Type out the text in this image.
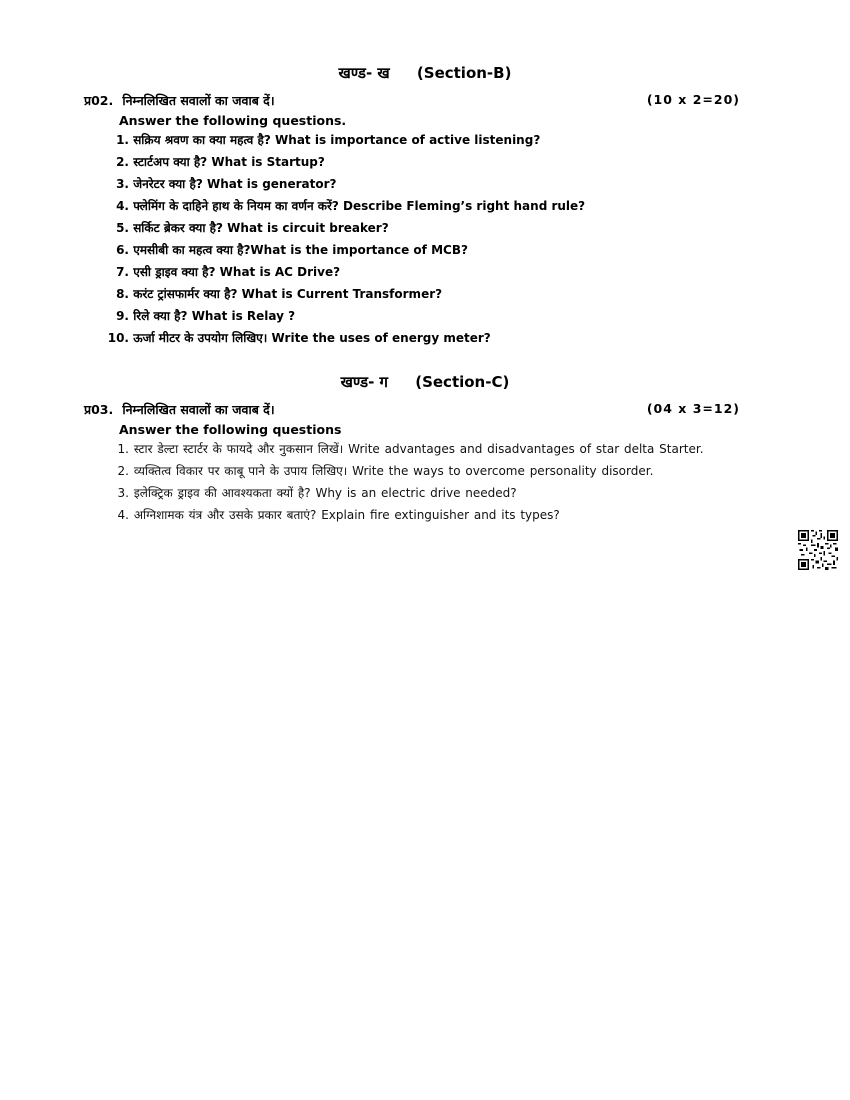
खण्ड- ख (Section-B)
प्र02. निम्नलिखित सवालों का जवाब दें।	(10 x 2=20)
Answer the following questions.
1. सक्रिय श्रवण का क्या महत्व है? What is importance of active listening?
2. स्टार्टअप क्या है? What is Startup?
3. जेनरेटर क्या है? What is generator?
4. फ्लेमिंग के दाहिने हाथ के नियम का वर्णन करें? Describe Fleming’s right hand rule?
5. सर्किट ब्रेकर क्या है? What is circuit breaker?
6. एमसीबी का महत्व क्या है?What is the importance of MCB?
7. एसी ड्राइव क्या है? What is AC Drive?
8. करंट ट्रांसफार्मर क्या है? What is Current Transformer?
9. रिले क्या है? What is Relay ?
10. ऊर्जा मीटर के उपयोग लिखिए। Write the uses of energy meter?
खण्ड- ग (Section-C)
प्र03. निम्नलिखित सवालों का जवाब दें।	(04 x 3=12)
Answer the following questions
1. स्टार डेल्टा स्टार्टर के फायदे और नुकसान लिखें। Write advantages and disadvantages of star delta Starter.
2. व्यक्तित्व विकार पर काबू पाने के उपाय लिखिए। Write the ways to overcome personality disorder.
3. इलेक्ट्रिक ड्राइव की आवश्यकता क्यों है? Why is an electric drive needed?
4. अग्निशामक यंत्र और उसके प्रकार बताएं? Explain fire extinguisher and its types?
